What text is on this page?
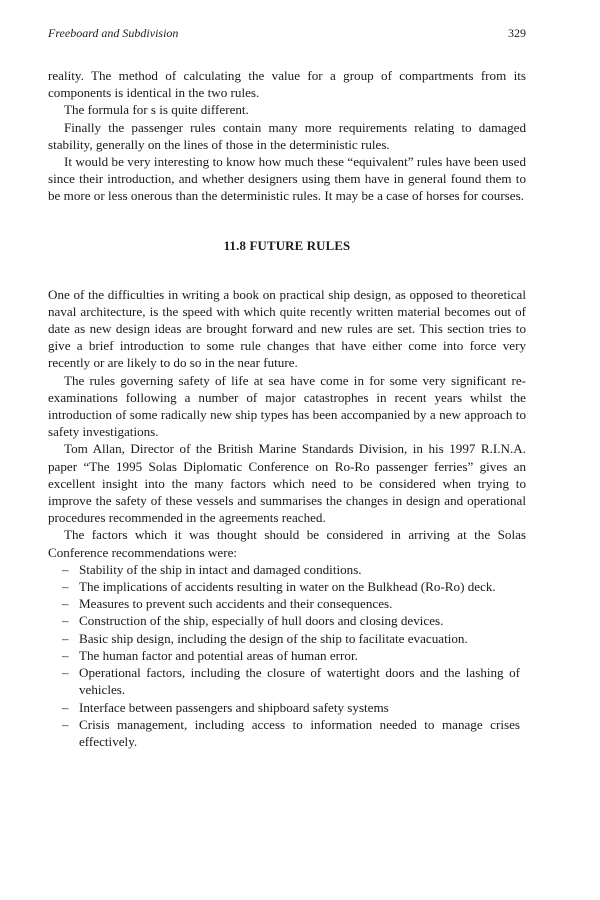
Freeboard and Subdivision	329

reality. The method of calculating the value for a group of compartments from its components is identical in the two rules.

The formula for s is quite different.

Finally the passenger rules contain many more requirements relating to damaged stability, generally on the lines of those in the deterministic rules.

It would be very interesting to know how much these “equivalent” rules have been used since their introduction, and whether designers using them have in general found them to be more or less onerous than the deterministic rules. It may be a case of horses for courses.

11.8 FUTURE RULES

One of the difficulties in writing a book on practical ship design, as opposed to theoretical naval architecture, is the speed with which quite recently written material becomes out of date as new design ideas are brought forward and new rules are set. This section tries to give a brief introduction to some rule changes that have either come into force very recently or are likely to do so in the near future.

The rules governing safety of life at sea have come in for some very significant re-examinations following a number of major catastrophes in recent years whilst the introduction of some radically new ship types has been accompanied by a new approach to safety investigations.

Tom Allan, Director of the British Marine Standards Division, in his 1997 R.I.N.A. paper “The 1995 Solas Diplomatic Conference on Ro-Ro passenger ferries” gives an excellent insight into the many factors which need to be considered when trying to improve the safety of these vessels and summarises the changes in design and operational procedures recommended in the agreements reached.

The factors which it was thought should be considered in arriving at the Solas Conference recommendations were:

– Stability of the ship in intact and damaged conditions.
– The implications of accidents resulting in water on the Bulkhead (Ro-Ro) deck.
– Measures to prevent such accidents and their consequences.
– Construction of the ship, especially of hull doors and closing devices.
– Basic ship design, including the design of the ship to facilitate evacuation.
– The human factor and potential areas of human error.
– Operational factors, including the closure of watertight doors and the lashing of vehicles.
– Interface between passengers and shipboard safety systems
– Crisis management, including access to information needed to manage crises effectively.
